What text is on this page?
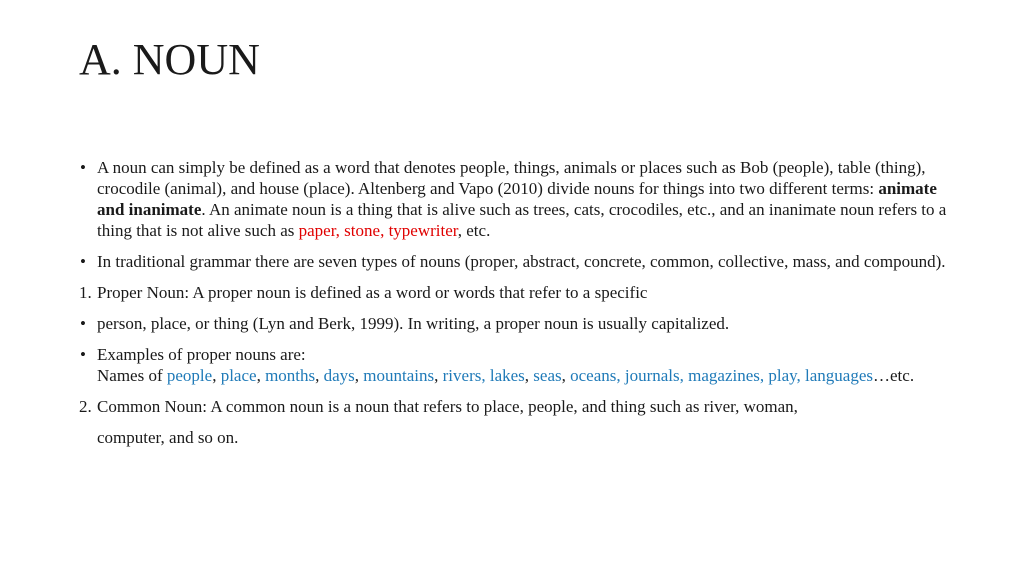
A. NOUN
• A noun can simply be defined as a word that denotes people, things, animals or places such as Bob (people), table (thing), crocodile (animal), and house (place). Altenberg and Vapo (2010) divide nouns for things into two different terms: animate and inanimate. An animate noun is a thing that is alive such as trees, cats, crocodiles, etc., and an inanimate noun refers to a thing that is not alive such as paper, stone, typewriter, etc.
• In traditional grammar there are seven types of nouns (proper, abstract, concrete, common, collective, mass, and compound).
1. Proper Noun: A proper noun is defined as a word or words that refer to a specific
• person, place, or thing (Lyn and Berk, 1999). In writing, a proper noun is usually capitalized.
• Examples of proper nouns are:
Names of people, place, months, days, mountains, rivers, lakes, seas, oceans, journals, magazines, play, languages…etc.
2. Common Noun: A common noun is a noun that refers to place, people, and thing such as river, woman,

computer, and so on.
